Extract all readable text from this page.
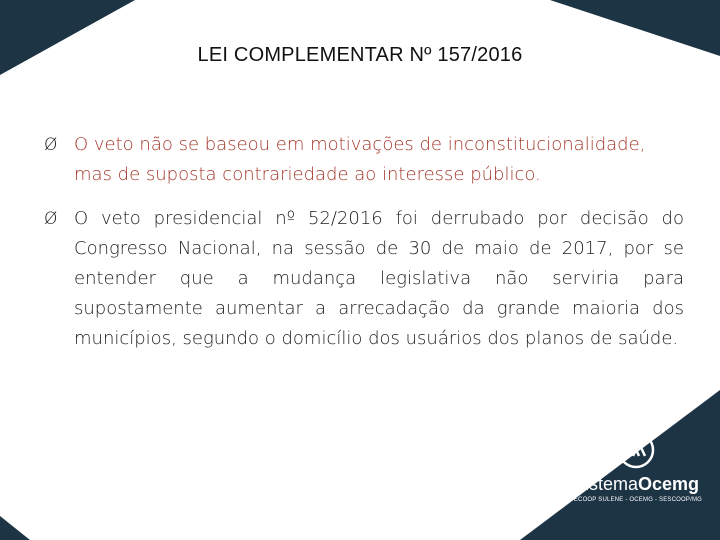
LEI COMPLEMENTAR Nº 157/2016
Ø O veto não se baseou em motivações de inconstitucionalidade, mas de suposta contrariedade ao interesse público.
Ø O veto presidencial nº 52/2016 foi derrubado por decisão do Congresso Nacional, na sessão de 30 de maio de 2017, por se entender que a mudança legislativa não serviria para supostamente aumentar a arrecadação da grande maioria dos municípios, segundo o domicílio dos usuários dos planos de saúde.
SistemaOcemg
FECOOP SULENE - OCEMG - SESCOOP/MG
